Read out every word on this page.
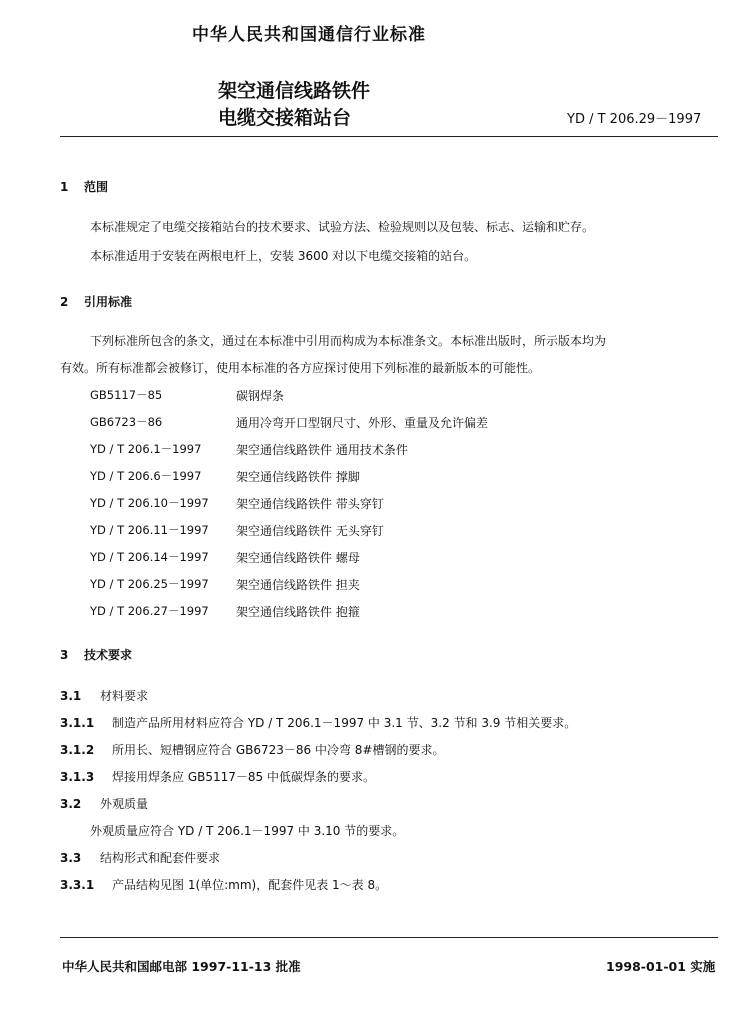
中华人民共和国通信行业标准
架空通信线路铁件
电缆交接箱站台	YD / T 206.29－1997
1 范围
本标准规定了电缆交接箱站台的技术要求、试验方法、检验规则以及包装、标志、运输和贮存。
本标准适用于安装在两根电杆上，安装 3600 对以下电缆交接箱的站台。
2 引用标准
下列标准所包含的条文，通过在本标准中引用而构成为本标准条文。本标准出版时，所示版本均为
有效。所有标准都会被修订，使用本标准的各方应探讨使用下列标准的最新版本的可能性。
GB5117－85	碳钢焊条
GB6723－86	通用冷弯开口型钢尺寸、外形、重量及允许偏差
YD / T 206.1－1997	架空通信线路铁件 通用技术条件
YD / T 206.6－1997	架空通信线路铁件 撑脚
YD / T 206.10－1997 架空通信线路铁件 带头穿钉
YD / T 206.11－1997 架空通信线路铁件 无头穿钉
YD / T 206.14－1997 架空通信线路铁件 螺母
YD / T 206.25－1997 架空通信线路铁件 担夹
YD / T 206.27－1997 架空通信线路铁件 抱箍
3 技术要求
3.1 材料要求
3.1.1 制造产品所用材料应符合 YD / T 206.1－1997 中 3.1 节、3.2 节和 3.9 节相关要求。
3.1.2 所用长、短槽钢应符合 GB6723－86 中冷弯 8#槽钢的要求。
3.1.3 焊接用焊条应 GB5117－85 中低碳焊条的要求。
3.2 外观质量
外观质量应符合 YD / T 206.1－1997 中 3.10 节的要求。
3.3 结构形式和配套件要求
3.3.1 产品结构见图 1(单位:mm)，配套件见表 1～表 8。
中华人民共和国邮电部 1997-11-13 批准	1998-01-01 实施
